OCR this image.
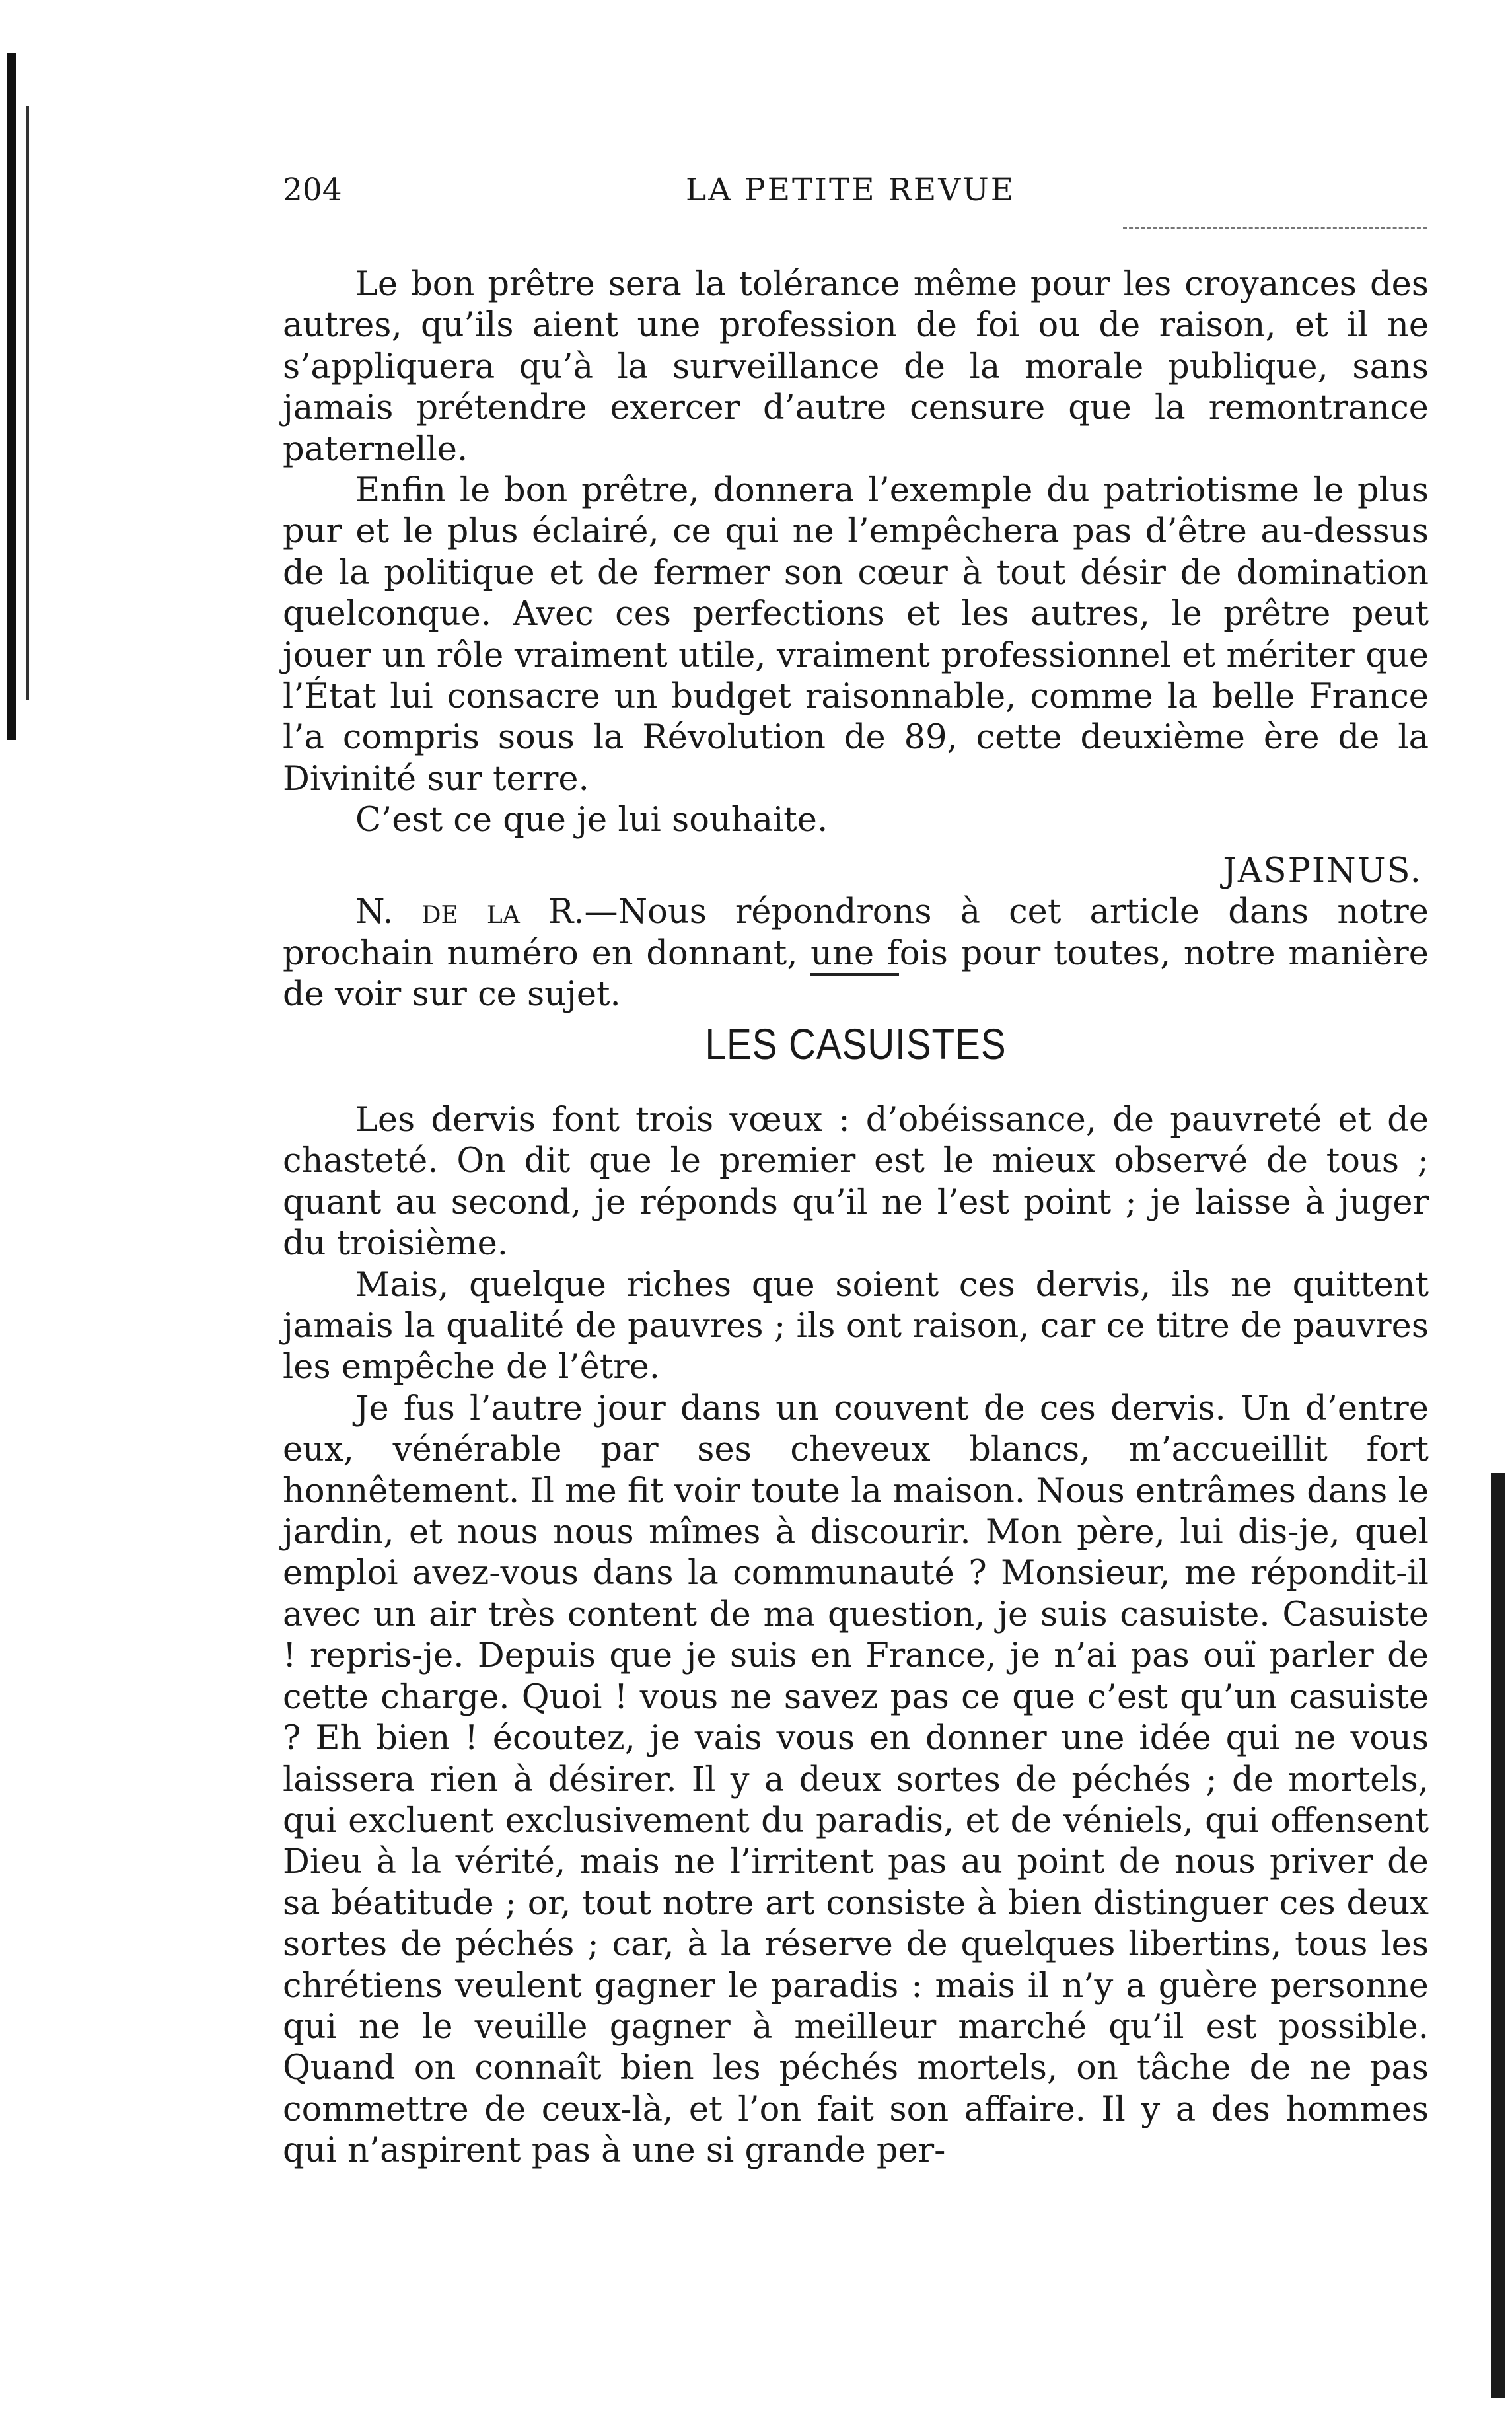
204	LA PETITE REVUE

Le bon prêtre sera la tolérance même pour les croyances des autres, qu’ils aient une profession de foi ou de raison, et il ne s’appliquera qu’à la surveillance de la morale publique, sans jamais prétendre exercer d’autre censure que la remontrance paternelle.

Enfin le bon prêtre, donnera l’exemple du patriotisme le plus pur et le plus éclairé, ce qui ne l’empêchera pas d’être au-dessus de la politique et de fermer son cœur à tout désir de domination quelconque. Avec ces perfections et les autres, le prêtre peut jouer un rôle vraiment utile, vraiment professionnel et mériter que l’État lui consacre un budget raisonnable, comme la belle France l’a compris sous la Révolution de 89, cette deuxième ère de la Divinité sur terre.

C’est ce que je lui souhaite.

JASPINUS.

N. de la R.—Nous répondrons à cet article dans notre prochain numéro en donnant, une fois pour toutes, notre manière de voir sur ce sujet.

LES CASUISTES

Les dervis font trois vœux : d’obéissance, de pauvreté et de chasteté. On dit que le premier est le mieux observé de tous ; quant au second, je réponds qu’il ne l’est point ; je laisse à juger du troisième.

Mais, quelque riches que soient ces dervis, ils ne quittent jamais la qualité de pauvres ; ils ont raison, car ce titre de pauvres les empêche de l’être.

Je fus l’autre jour dans un couvent de ces dervis. Un d’entre eux, vénérable par ses cheveux blancs, m’accueillit fort honnêtement. Il me fit voir toute la maison. Nous entrâmes dans le jardin, et nous nous mîmes à discourir. Mon père, lui dis-je, quel emploi avez-vous dans la communauté ? Monsieur, me répondit-il avec un air très content de ma question, je suis casuiste. Casuiste ! repris-je. Depuis que je suis en France, je n’ai pas ouï parler de cette charge. Quoi ! vous ne savez pas ce que c’est qu’un casuiste ? Eh bien ! écoutez, je vais vous en donner une idée qui ne vous laissera rien à désirer. Il y a deux sortes de péchés ; de mortels, qui excluent exclusivement du paradis, et de véniels, qui offensent Dieu à la vérité, mais ne l’irritent pas au point de nous priver de sa béatitude ; or, tout notre art consiste à bien distinguer ces deux sortes de péchés ; car, à la réserve de quelques libertins, tous les chrétiens veulent gagner le paradis : mais il n’y a guère personne qui ne le veuille gagner à meilleur marché qu’il est possible. Quand on connaît bien les péchés mortels, on tâche de ne pas commettre de ceux-là, et l’on fait son affaire. Il y a des hommes qui n’aspirent pas à une si grande per-
